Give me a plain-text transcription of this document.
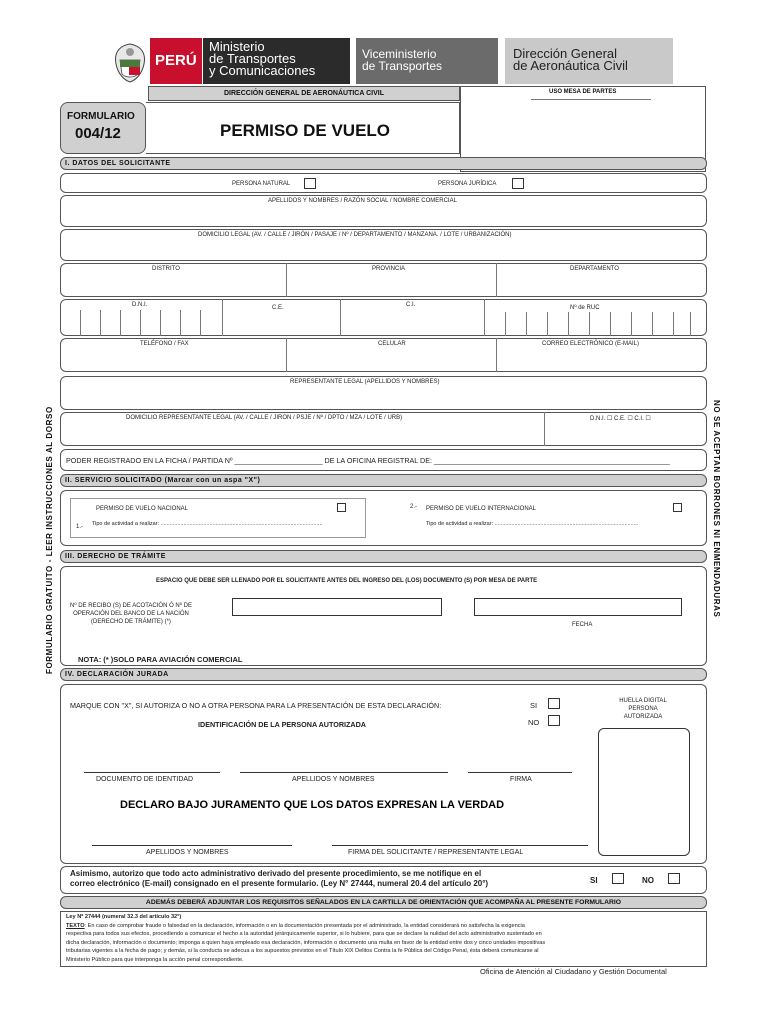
PERÚ
Ministerio
de Transportes
y Comunicaciones
Viceministerio
de Transportes
Dirección General
de Aeronáutica Civil
DIRECCIÓN GENERAL DE AERONÁUTICA CIVIL	USO MESA DE PARTES
FORMULARIO
004/12	PERMISO DE VUELO
FORMULARIO GRATUITO - LEER INSTRUCCIONES AL DORSO	NO SE ACEPTAN BORRONES NI ENMENDADURAS
I. DATOS DEL SOLICITANTE
PERSONA NATURAL	PERSONA JURÍDICA
APELLIDOS Y NOMBRES / RAZÓN SOCIAL / NOMBRE COMERCIAL
DOMICILIO LEGAL (AV. / CALLE / JIRÓN / PASAJE / Nº / DEPARTAMENTO / MANZANA. / LOTE / URBANIZACIÓN)
DISTRITO	PROVINCIA	DEPARTAMENTO
D.N.I.	C.E.	C.I.	Nº de RUC
TELÉFONO / FAX	CELULAR	CORREO ELECTRÓNICO (E-MAIL)
REPRESENTANTE LEGAL (APELLIDOS Y NOMBRES)
DOMICILIO REPRESENTANTE LEGAL (AV. / CALLE / JIRON / PSJE / Nº / DPTO / MZA / LOTE / URB)	D.N.I. ☐ C.E. ☐ C.I. ☐
PODER REGISTRADO EN LA FICHA / PARTIDA Nº ______________________ DE LA OFICINA REGISTRAL DE: ___________________________________________________________
II. SERVICIO SOLICITADO (Marcar con un aspa "X")
PERMISO DE VUELO NACIONAL
1.- Tipo de actividad a realizar: ..........................................................................................................
2.- PERMISO DE VUELO INTERNACIONAL
Tipo de actividad a realizar: ..............................................................................................
III. DERECHO DE TRÁMITE
ESPACIO QUE DEBE SER LLENADO POR EL SOLICITANTE ANTES DEL INGRESO DEL (LOS) DOCUMENTO (S) POR MESA DE PARTE
Nº DE RECIBO (S) DE ACOTACIÓN Ó Nº DE
OPERACIÓN DEL BANCO DE LA NACIÓN
(DERECHO DE TRÁMITE) (*)	FECHA
NOTA: (* )SOLO PARA AVIACIÓN COMERCIAL
IV. DECLARACIÓN JURADA
MARQUE CON "X", SI AUTORIZA O NO A OTRA PERSONA PARA LA PRESENTACIÓN DE ESTA DECLARACIÓN:	SI
NO
IDENTIFICACIÓN DE LA PERSONA AUTORIZADA
HUELLA DIGITAL
PERSONA
AUTORIZADA
DOCUMENTO DE IDENTIDAD	APELLIDOS Y NOMBRES	FIRMA
DECLARO BAJO JURAMENTO QUE LOS DATOS EXPRESAN LA VERDAD
APELLIDOS Y NOMBRES	FIRMA DEL SOLICITANTE / REPRESENTANTE LEGAL
Asimismo, autorizo que todo acto administrativo derivado del presente procedimiento, se me notifique en el
correo electrónico (E-mail) consignado en el presente formulario. (Ley N° 27444, numeral 20.4 del artículo 20°)	SI	NO
ADEMÁS DEBERÁ ADJUNTAR LOS REQUISITOS SEÑALADOS EN LA CARTILLA DE ORIENTACIÓN QUE ACOMPAÑA AL PRESENTE FORMULARIO
Ley Nº 27444 (numeral 32.3 del artículo 32°)
TEXTO: En caso de comprobar fraude o falsedad en la declaración, información o en la documentación presentada por el administrado, la entidad considerará no satisfecha la exigencia
respectiva para todos sus efectos, procediendo a comunicar el hecho a la autoridad jerárquicamente superior, si lo hubiere, para que se declare la nulidad del acto administrativo sustentado en
dicha declaración, información o documento; imponga a quien haya empleado esa declaración, información o documento una multa en favor de la entidad entre dos y cinco unidades impositivas
tributarias vigentes a la fecha de pago; y demás, si la conducta se adecua a los supuestos previstos en el Título XIX Delitos Contra la fe Pública del Código Penal, ésta deberá comunicarse al
Ministerio Público para que interponga la acción penal correspondiente.
Oficina de Atención al Ciudadano y Gestión Documental
